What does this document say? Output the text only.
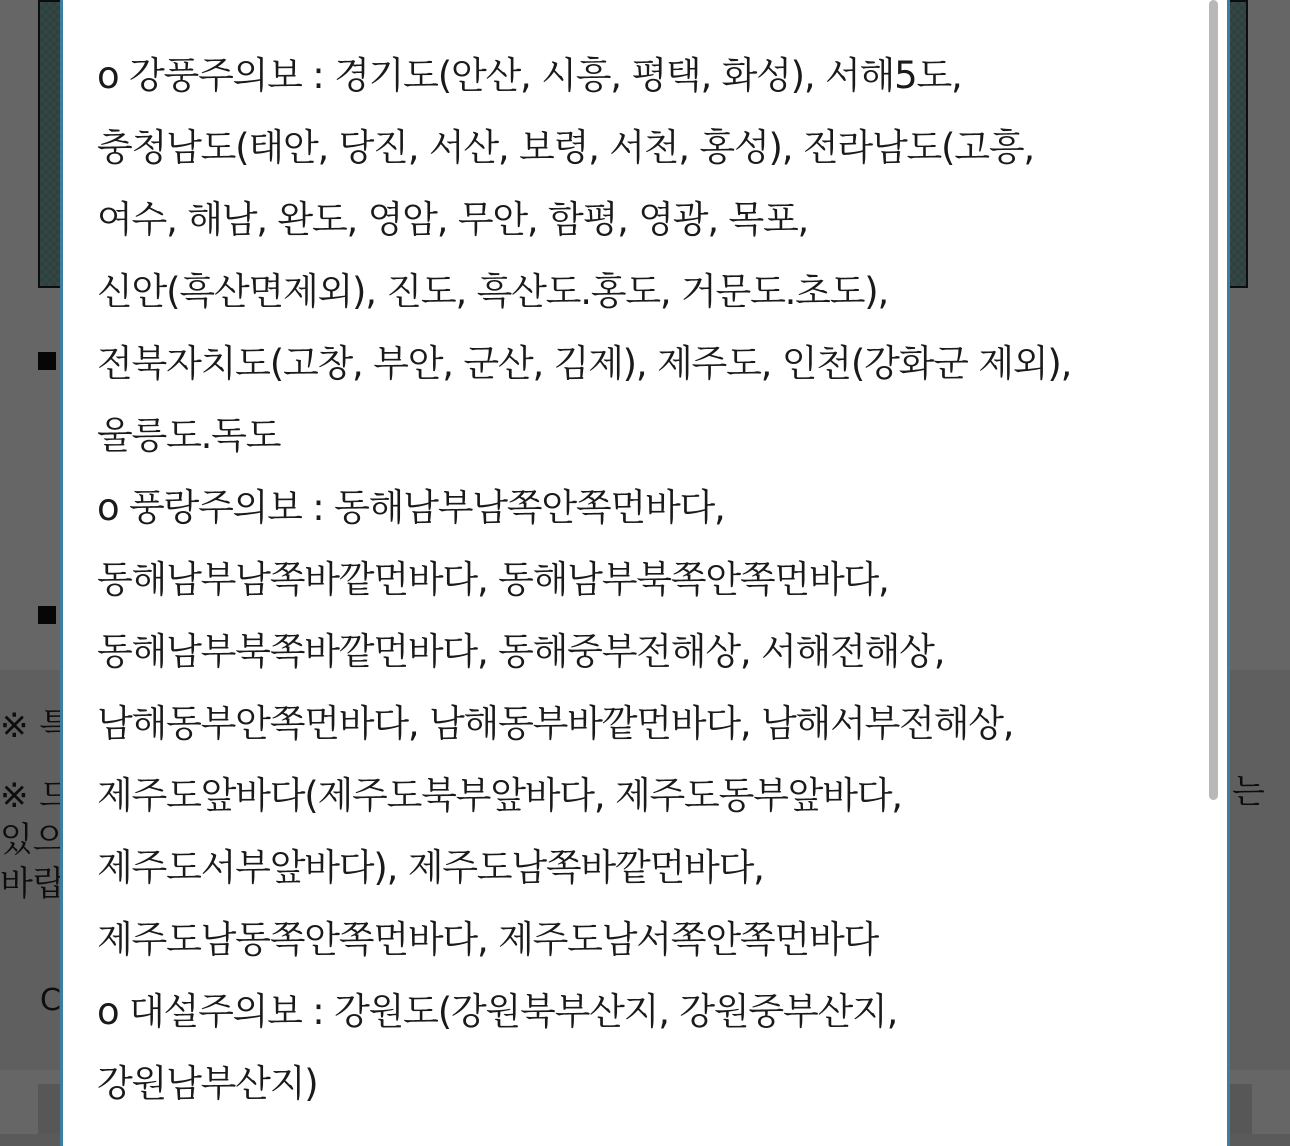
o 강풍주의보 : 경기도(안산, 시흥, 평택, 화성), 서해5도,
충청남도(태안, 당진, 서산, 보령, 서천, 홍성), 전라남도(고흥,
여수, 해남, 완도, 영암, 무안, 함평, 영광, 목포,
신안(흑산면제외), 진도, 흑산도.홍도, 거문도.초도),
전북자치도(고창, 부안, 군산, 김제), 제주도, 인천(강화군 제외),
울릉도.독도
o 풍랑주의보 : 동해남부남쪽안쪽먼바다,
동해남부남쪽바깥먼바다, 동해남부북쪽안쪽먼바다,
동해남부북쪽바깥먼바다, 동해중부전해상, 서해전해상,
남해동부안쪽먼바다, 남해동부바깥먼바다, 남해서부전해상,
제주도앞바다(제주도북부앞바다, 제주도동부앞바다,
제주도서부앞바다), 제주도남쪽바깥먼바다,
제주도남동쪽안쪽먼바다, 제주도남서쪽안쪽먼바다
o 대설주의보 : 강원도(강원북부산지, 강원중부산지,
강원남부산지)
